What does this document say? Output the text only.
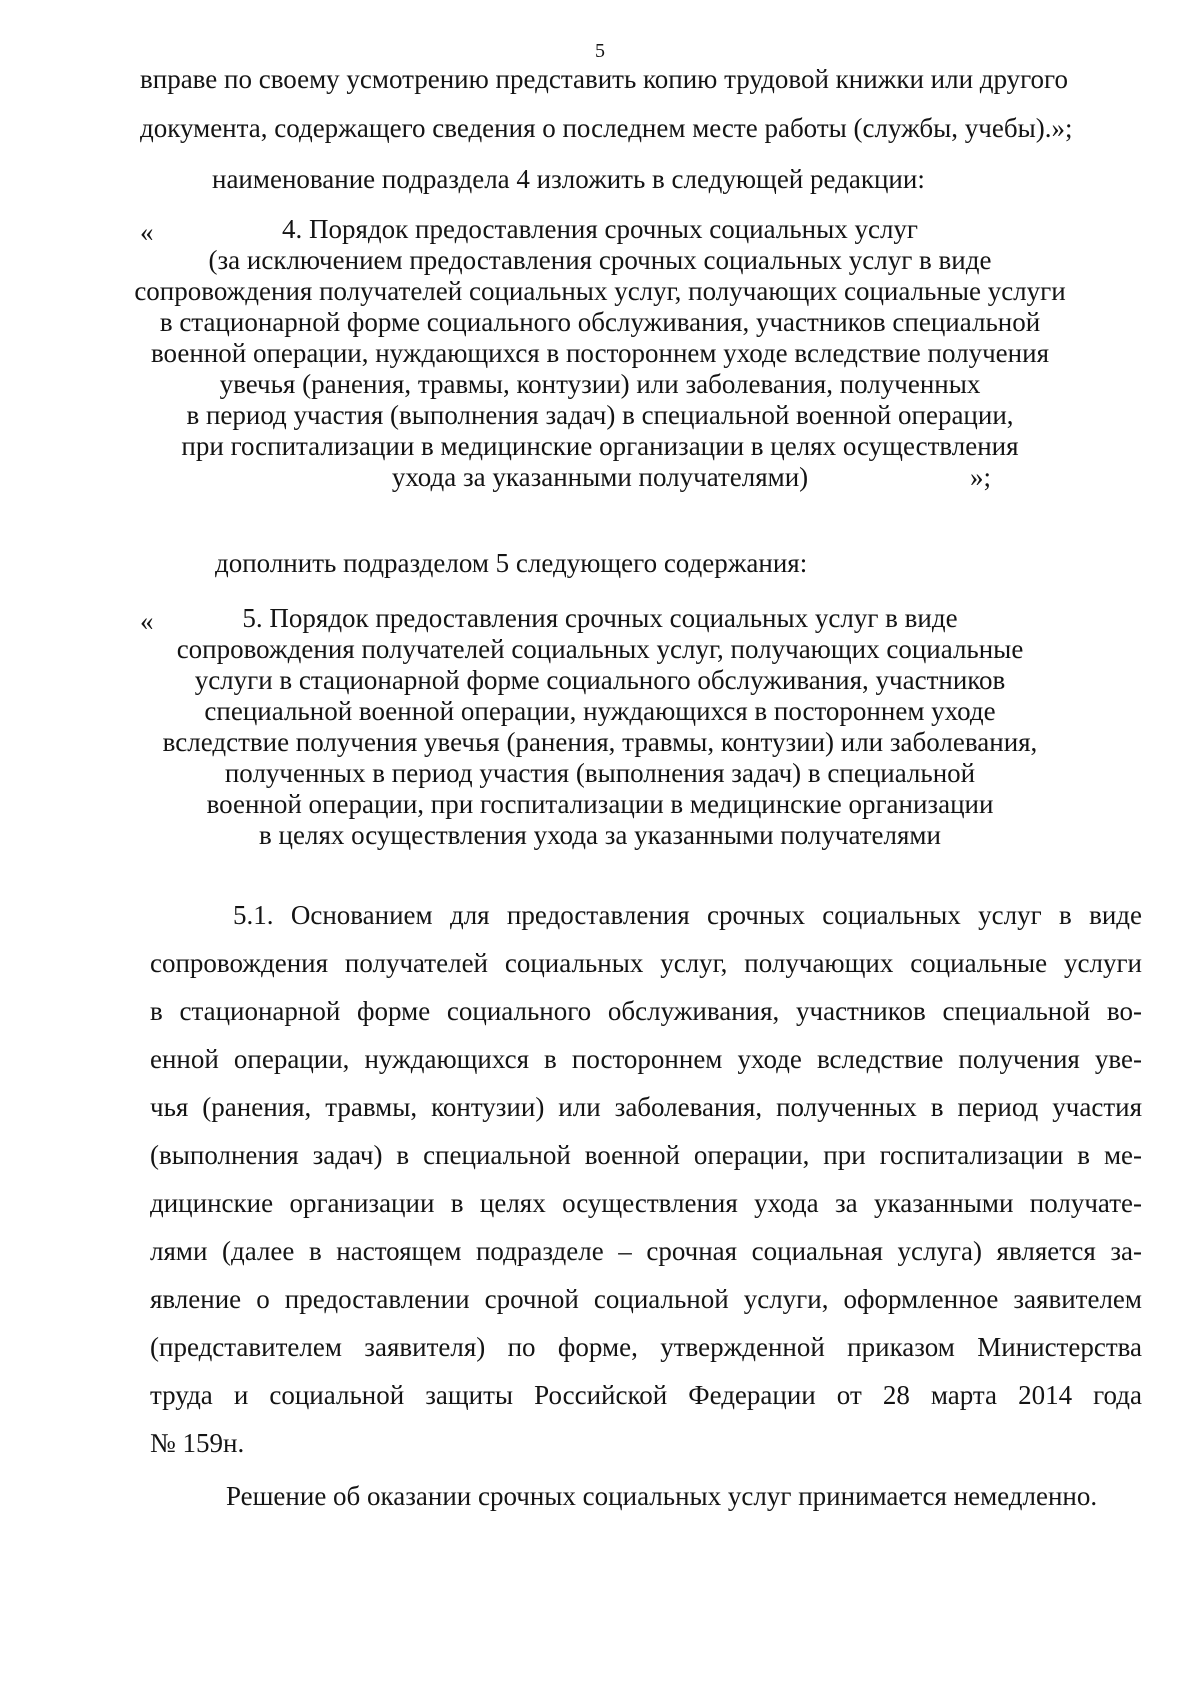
5
вправе по своему усмотрению представить копию трудовой книжки или другого
документа, содержащего сведения о последнем месте работы (службы, учебы).»;
наименование подраздела 4 изложить в следующей редакции:
«	4. Порядок предоставления срочных социальных услуг
(за исключением предоставления срочных социальных услуг в виде
сопровождения получателей социальных услуг, получающих социальные услуги
в стационарной форме социального обслуживания, участников специальной
военной операции, нуждающихся в постороннем уходе вследствие получения
увечья (ранения, травмы, контузии) или заболевания, полученных
в период участия (выполнения задач) в специальной военной операции,
при госпитализации в медицинские организации в целях осуществления
ухода за указанными получателями)	»;
дополнить подразделом 5 следующего содержания:
«	5. Порядок предоставления срочных социальных услуг в виде
сопровождения получателей социальных услуг, получающих социальные
услуги в стационарной форме социального обслуживания, участников
специальной военной операции, нуждающихся в постороннем уходе
вследствие получения увечья (ранения, травмы, контузии) или заболевания,
полученных в период участия (выполнения задач) в специальной
военной операции, при госпитализации в медицинские организации
в целях осуществления ухода за указанными получателями
5.1. Основанием для предоставления срочных социальных услуг в виде
сопровождения получателей социальных услуг, получающих социальные услуги
в стационарной форме социального обслуживания, участников специальной во-
енной операции, нуждающихся в постороннем уходе вследствие получения уве-
чья (ранения, травмы, контузии) или заболевания, полученных в период участия
(выполнения задач) в специальной военной операции, при госпитализации в ме-
дицинские организации в целях осуществления ухода за указанными получате-
лями (далее в настоящем подразделе – срочная социальная услуга) является за-
явление о предоставлении срочной социальной услуги, оформленное заявителем
(представителем заявителя) по форме, утвержденной приказом Министерства
труда и социальной защиты Российской Федерации от 28 марта 2014 года
№ 159н.
Решение об оказании срочных социальных услуг принимается немедленно.
